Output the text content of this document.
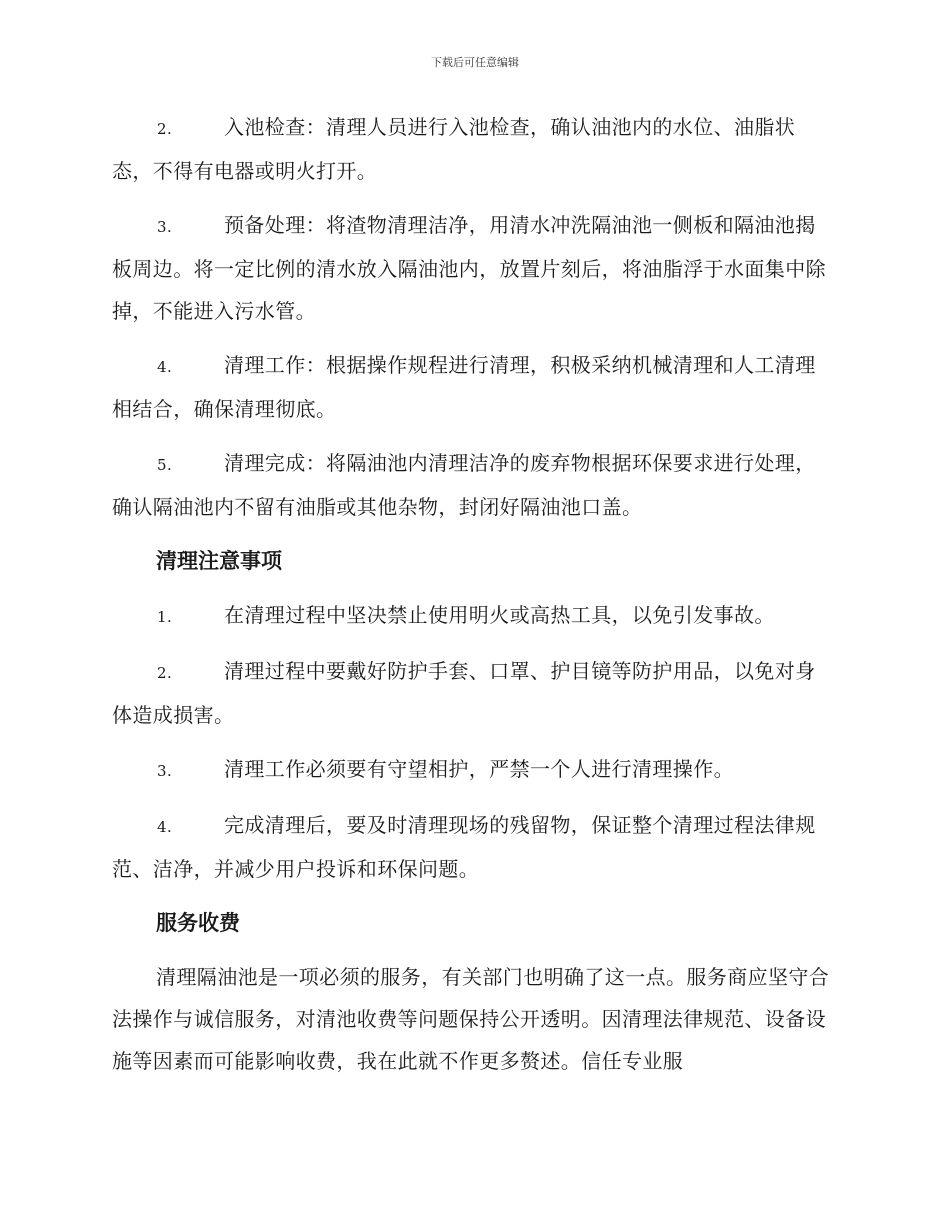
下载后可任意编辑

2.	入池检查：清理人员进行入池检查，确认油池内的水位、油脂状态，不得有电器或明火打开。

3.	预备处理：将渣物清理洁净，用清水冲洗隔油池一侧板和隔油池揭板周边。将一定比例的清水放入隔油池内，放置片刻后，将油脂浮于水面集中除掉，不能进入污水管。

4.	清理工作：根据操作规程进行清理，积极采纳机械清理和人工清理相结合，确保清理彻底。

5.	清理完成：将隔油池内清理洁净的废弃物根据环保要求进行处理，确认隔油池内不留有油脂或其他杂物，封闭好隔油池口盖。

清理注意事项

1.	在清理过程中坚决禁止使用明火或高热工具，以免引发事故。

2.	清理过程中要戴好防护手套、口罩、护目镜等防护用品，以免对身体造成损害。

3.	清理工作必须要有守望相护，严禁一个人进行清理操作。

4.	完成清理后，要及时清理现场的残留物，保证整个清理过程法律规范、洁净，并减少用户投诉和环保问题。

服务收费

清理隔油池是一项必须的服务，有关部门也明确了这一点。服务商应坚守合法操作与诚信服务，对清池收费等问题保持公开透明。因清理法律规范、设备设施等因素而可能影响收费，我在此就不作更多赘述。信任专业服
